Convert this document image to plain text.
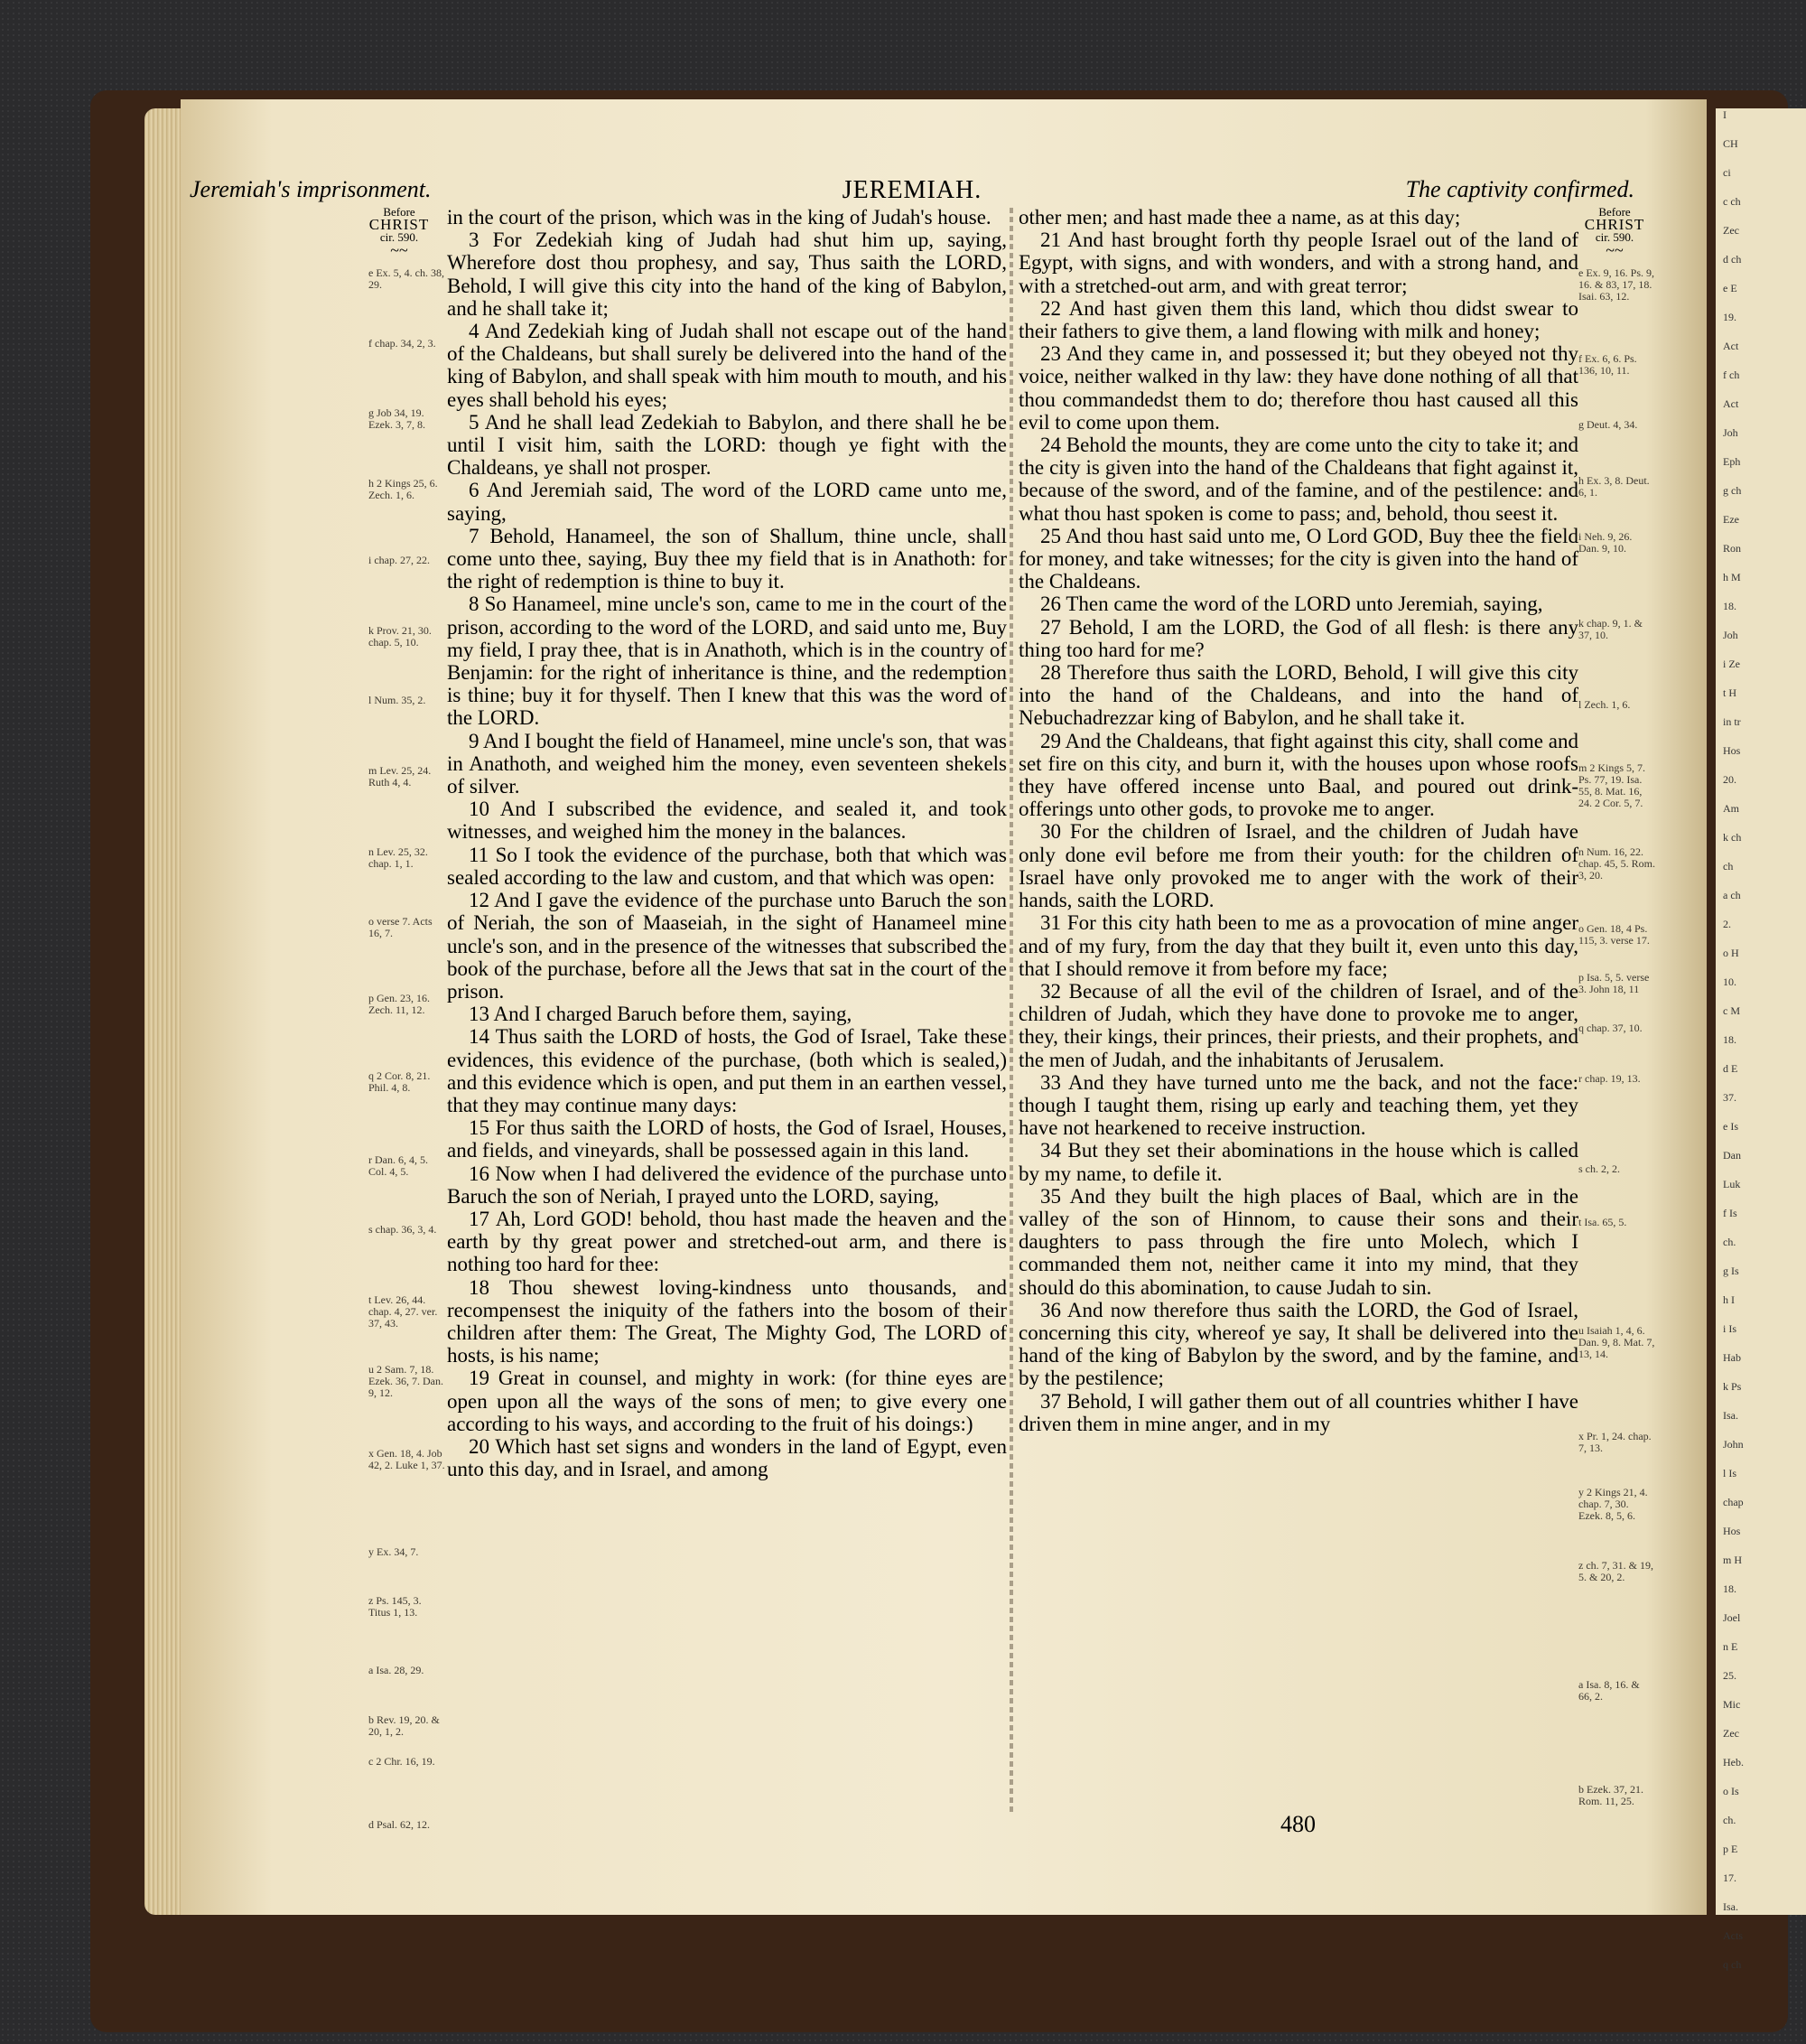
Jeremiah's imprisonment.	JEREMIAH.	The captivity confirmed.
Before
CHRIST
cir. 590.
~~
Before
CHRIST
cir. 590.
~~
e Ex. 5, 4. ch. 38, 29.
f chap. 34, 2, 3.
g Job 34, 19. Ezek. 3, 7, 8.
h 2 Kings 25, 6. Zech. 1, 6.
i chap. 27, 22.
k Prov. 21, 30. chap. 5, 10.
l Num. 35, 2.
m Lev. 25, 24. Ruth 4, 4.
n Lev. 25, 32. chap. 1, 1.
o verse 7. Acts 16, 7.
p Gen. 23, 16. Zech. 11, 12.
q 2 Cor. 8, 21. Phil. 4, 8.
r Dan. 6, 4, 5. Col. 4, 5.
s chap. 36, 3, 4.
t Lev. 26, 44. chap. 4, 27. ver. 37, 43.
u 2 Sam. 7, 18. Ezek. 36, 7. Dan. 9, 12.
x Gen. 18, 4. Job 42, 2. Luke 1, 37.
y Ex. 34, 7.
z Ps. 145, 3. Titus 1, 13.
a Isa. 28, 29.
b Rev. 19, 20. & 20, 1, 2.
c 2 Chr. 16, 19.
d Psal. 62, 12.
e Ex. 9, 16. Ps. 9, 16. & 83, 17, 18. Isai. 63, 12.
f Ex. 6, 6. Ps. 136, 10, 11.
g Deut. 4, 34.
h Ex. 3, 8. Deut. 6, 1.
i Neh. 9, 26. Dan. 9, 10.
k chap. 9, 1. & 37, 10.
l Zech. 1, 6.
m 2 Kings 5, 7. Ps. 77, 19. Isa. 55, 8. Mat. 16, 24. 2 Cor. 5, 7.
n Num. 16, 22. chap. 45, 5. Rom. 3, 20.
o Gen. 18, 4 Ps. 115, 3. verse 17.
p Isa. 5, 5. verse 3. John 18, 11
q chap. 37, 10.
r chap. 19, 13.
s ch. 2, 2.
t Isa. 65, 5.
u Isaiah 1, 4, 6. Dan. 9, 8. Mat. 7, 13, 14.
x Pr. 1, 24. chap. 7, 13.
y 2 Kings 21, 4. chap. 7, 30. Ezek. 8, 5, 6.
z ch. 7, 31. & 19, 5. & 20, 2.
a Isa. 8, 16. & 66, 2.
b Ezek. 37, 21. Rom. 11, 25.

in the court of the prison, which was in the king of Judah's house.

3 For Zedekiah king of Judah had shut him up, saying, Wherefore dost thou prophesy, and say, Thus saith the LORD, Behold, I will give this city into the hand of the king of Babylon, and he shall take it;

4 And Zedekiah king of Judah shall not escape out of the hand of the Chaldeans, but shall surely be delivered into the hand of the king of Babylon, and shall speak with him mouth to mouth, and his eyes shall behold his eyes;

5 And he shall lead Zedekiah to Babylon, and there shall he be until I visit him, saith the LORD: though ye fight with the Chaldeans, ye shall not prosper.

6 And Jeremiah said, The word of the LORD came unto me, saying,

7 Behold, Hanameel, the son of Shallum, thine uncle, shall come unto thee, saying, Buy thee my field that is in Anathoth: for the right of redemption is thine to buy it.

8 So Hanameel, mine uncle's son, came to me in the court of the prison, according to the word of the LORD, and said unto me, Buy my field, I pray thee, that is in Anathoth, which is in the country of Benjamin: for the right of inheritance is thine, and the redemption is thine; buy it for thyself. Then I knew that this was the word of the LORD.

9 And I bought the field of Hanameel, mine uncle's son, that was in Anathoth, and weighed him the money, even seventeen shekels of silver.

10 And I subscribed the evidence, and sealed it, and took witnesses, and weighed him the money in the balances.

11 So I took the evidence of the purchase, both that which was sealed according to the law and custom, and that which was open:

12 And I gave the evidence of the purchase unto Baruch the son of Neriah, the son of Maaseiah, in the sight of Hanameel mine uncle's son, and in the presence of the witnesses that subscribed the book of the purchase, before all the Jews that sat in the court of the prison.

13 And I charged Baruch before them, saying,

14 Thus saith the LORD of hosts, the God of Israel, Take these evidences, this evidence of the purchase, (both which is sealed,) and this evidence which is open, and put them in an earthen vessel, that they may continue many days:

15 For thus saith the LORD of hosts, the God of Israel, Houses, and fields, and vineyards, shall be possessed again in this land.

16 Now when I had delivered the evidence of the purchase unto Baruch the son of Neriah, I prayed unto the LORD, saying,

17 Ah, Lord GOD! behold, thou hast made the heaven and the earth by thy great power and stretched-out arm, and there is nothing too hard for thee:

18 Thou shewest loving-kindness unto thousands, and recompensest the iniquity of the fathers into the bosom of their children after them: The Great, The Mighty God, The LORD of hosts, is his name;

19 Great in counsel, and mighty in work: (for thine eyes are open upon all the ways of the sons of men; to give every one according to his ways, and according to the fruit of his doings:)

20 Which hast set signs and wonders in the land of Egypt, even unto this day, and in Israel, and among

other men; and hast made thee a name, as at this day;

21 And hast brought forth thy people Israel out of the land of Egypt, with signs, and with wonders, and with a strong hand, and with a stretched-out arm, and with great terror;

22 And hast given them this land, which thou didst swear to their fathers to give them, a land flowing with milk and honey;

23 And they came in, and possessed it; but they obeyed not thy voice, neither walked in thy law: they have done nothing of all that thou commandedst them to do; therefore thou hast caused all this evil to come upon them.

24 Behold the mounts, they are come unto the city to take it; and the city is given into the hand of the Chaldeans that fight against it, because of the sword, and of the famine, and of the pestilence: and what thou hast spoken is come to pass; and, behold, thou seest it.

25 And thou hast said unto me, O Lord GOD, Buy thee the field for money, and take witnesses; for the city is given into the hand of the Chaldeans.

26 Then came the word of the LORD unto Jeremiah, saying,

27 Behold, I am the LORD, the God of all flesh: is there any thing too hard for me?

28 Therefore thus saith the LORD, Behold, I will give this city into the hand of the Chaldeans, and into the hand of Nebuchadrezzar king of Babylon, and he shall take it.

29 And the Chaldeans, that fight against this city, shall come and set fire on this city, and burn it, with the houses upon whose roofs they have offered incense unto Baal, and poured out drink-offerings unto other gods, to provoke me to anger.

30 For the children of Israel, and the children of Judah have only done evil before me from their youth: for the children of Israel have only provoked me to anger with the work of their hands, saith the LORD.

31 For this city hath been to me as a provocation of mine anger and of my fury, from the day that they built it, even unto this day, that I should remove it from before my face;

32 Because of all the evil of the children of Israel, and of the children of Judah, which they have done to provoke me to anger, they, their kings, their princes, their priests, and their prophets, and the men of Judah, and the inhabitants of Jerusalem.

33 And they have turned unto me the back, and not the face: though I taught them, rising up early and teaching them, yet they have not hearkened to receive instruction.

34 But they set their abominations in the house which is called by my name, to defile it.

35 And they built the high places of Baal, which are in the valley of the son of Hinnom, to cause their sons and their daughters to pass through the fire unto Molech, which I commanded them not, neither came it into my mind, that they should do this abomination, to cause Judah to sin.

36 And now therefore thus saith the LORD, the God of Israel, concerning this city, whereof ye say, It shall be delivered into the hand of the king of Babylon by the sword, and by the famine, and by the pestilence;

37 Behold, I will gather them out of all countries whither I have driven them in mine anger, and in my

480
I
CH
ci
c ch
Zec
d ch
e E
19.
Act
f ch
Act
Joh
Eph
g ch
Eze
Ron
h M
18.
Joh
i Ze
t H
in tr
Hos
20.
Am
k ch
ch
a ch
2.
o H
10.
c M
18.
d E
37.
e Is
Dan
Luk
f Is
ch.
g Is
h I
i Is
Hab
k Ps
Isa.
John
l Is
chap
Hos
m H
18.
Joel
n E
25.
Mic
Zec
Heb.
o Is
ch.
p E
17.
Isa.
Acts
q ch
